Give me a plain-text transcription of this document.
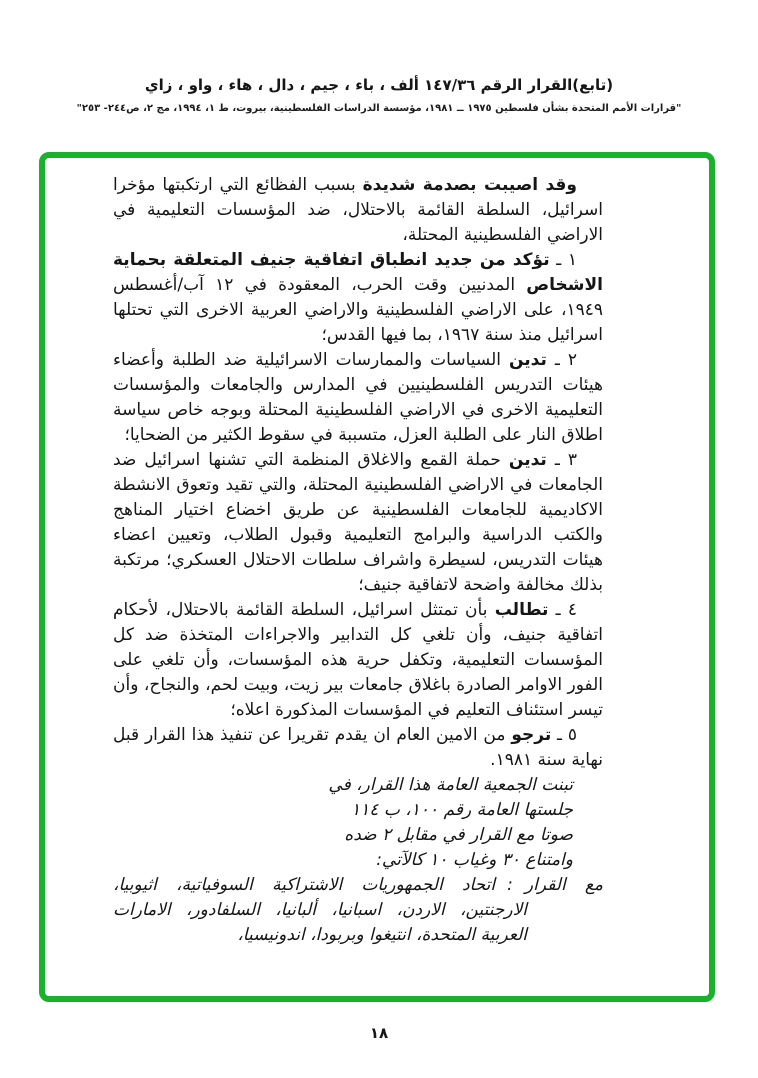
(تابع)القرار الرقم ١٤٧/٣٦ ألف ، باء ، جيم ، دال ، هاء ، واو ، زاي
"قرارات الأمم المتحدة بشأن فلسطين ١٩٧٥ ــ ١٩٨١، مؤسسة الدراسات الفلسطينية، بيروت، ط ١، ١٩٩٤، مج ٢، ص٢٤٤- ٢٥٣"

وقد اصيبت بصدمة شديدة بسبب الفظائع التي ارتكبتها مؤخرا اسرائيل، السلطة القائمة بالاحتلال، ضد المؤسسات التعليمية في الاراضي الفلسطينية المحتلة،

١ ـ تؤكد من جديد انطباق اتفاقية جنيف المتعلقة بحماية الاشخاص المدنيين وقت الحرب، المعقودة في ١٢ آب/أغسطس ١٩٤٩، على الاراضي الفلسطينية والاراضي العربية الاخرى التي تحتلها اسرائيل منذ سنة ١٩٦٧، بما فيها القدس؛

٢ ـ تدين السياسات والممارسات الاسرائيلية ضد الطلبة وأعضاء هيئات التدريس الفلسطينيين في المدارس والجامعات والمؤسسات التعليمية الاخرى في الاراضي الفلسطينية المحتلة وبوجه خاص سياسة اطلاق النار على الطلبة العزل، متسببة في سقوط الكثير من الضحايا؛

٣ ـ تدين حملة القمع والاغلاق المنظمة التي تشنها اسرائيل ضد الجامعات في الاراضي الفلسطينية المحتلة، والتي تقيد وتعوق الانشطة الاكاديمية للجامعات الفلسطينية عن طريق اخضاع اختيار المناهج والكتب الدراسية والبرامج التعليمية وقبول الطلاب، وتعيين اعضاء هيئات التدريس، لسيطرة واشراف سلطات الاحتلال العسكري؛ مرتكبة بذلك مخالفة واضحة لاتفاقية جنيف؛

٤ ـ تطالب بأن تمتثل اسرائيل، السلطة القائمة بالاحتلال، لأحكام اتفاقية جنيف، وأن تلغي كل التدابير والاجراءات المتخذة ضد كل المؤسسات التعليمية، وتكفل حرية هذه المؤسسات، وأن تلغي على الفور الاوامر الصادرة باغلاق جامعات بير زيت، وبيت لحم، والنجاح، وأن تيسر استئناف التعليم في المؤسسات المذكورة اعلاه؛

٥ ـ ترجو من الامين العام ان يقدم تقريرا عن تنفيذ هذا القرار قبل نهاية سنة ١٩٨١.

تبنت الجمعية العامة هذا القرار، في
جلستها العامة رقم ١٠٠، ب ١١٤
صوتا مع القرار في مقابل ٢ ضده
وامتناع ٣٠ وغياب ١٠ كالآتي:
مع القرار:اتحاد الجمهوريات الاشتراكية السوفياتية، اثيوبيا، الارجنتين، الاردن، اسبانيا، ألبانيا، السلفادور، الامارات العربية المتحدة، انتيغوا وبربودا، اندونيسيا،
١٨
